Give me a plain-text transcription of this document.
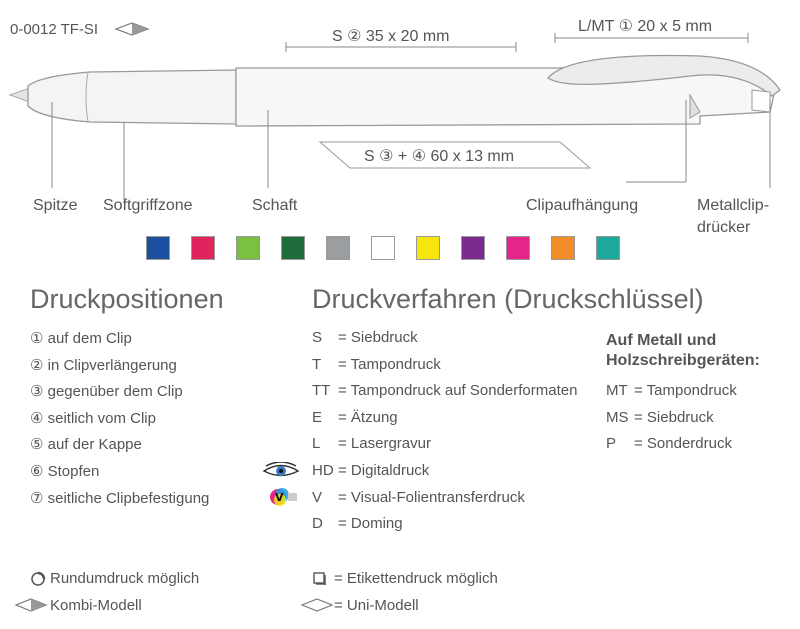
0-0012 TF-SI	S ② 35 x 20 mm
L/MT ① 20 x 5 mm
S ③ + ④ 60 x 13 mm
Spitze Softgriffzone	Schaft	Clipaufhängung	Metallclip-
drücker
Druckpositionen
① auf dem Clip
② in Clipverlängerung
③ gegenüber dem Clip
④ seitlich vom Clip
⑤ auf der Kappe
⑥ Stopfen
⑦ seitliche Clipbefestigung
Druckverfahren (Druckschlüssel)
S = Siebdruck
T = Tampondruck
TT = Tampondruck auf Sonderformaten
E = Ätzung
L = Lasergravur
HD = Digitaldruck
V = Visual-Folientransferdruck
D = Doming
V
Auf Metall und
Holzschreibgeräten:
MT = Tampondruck
MS = Siebdruck
P = Sonderdruck
Rundumdruck möglich
Kombi-Modell
= Etikettendruck möglich
= Uni-Modell
